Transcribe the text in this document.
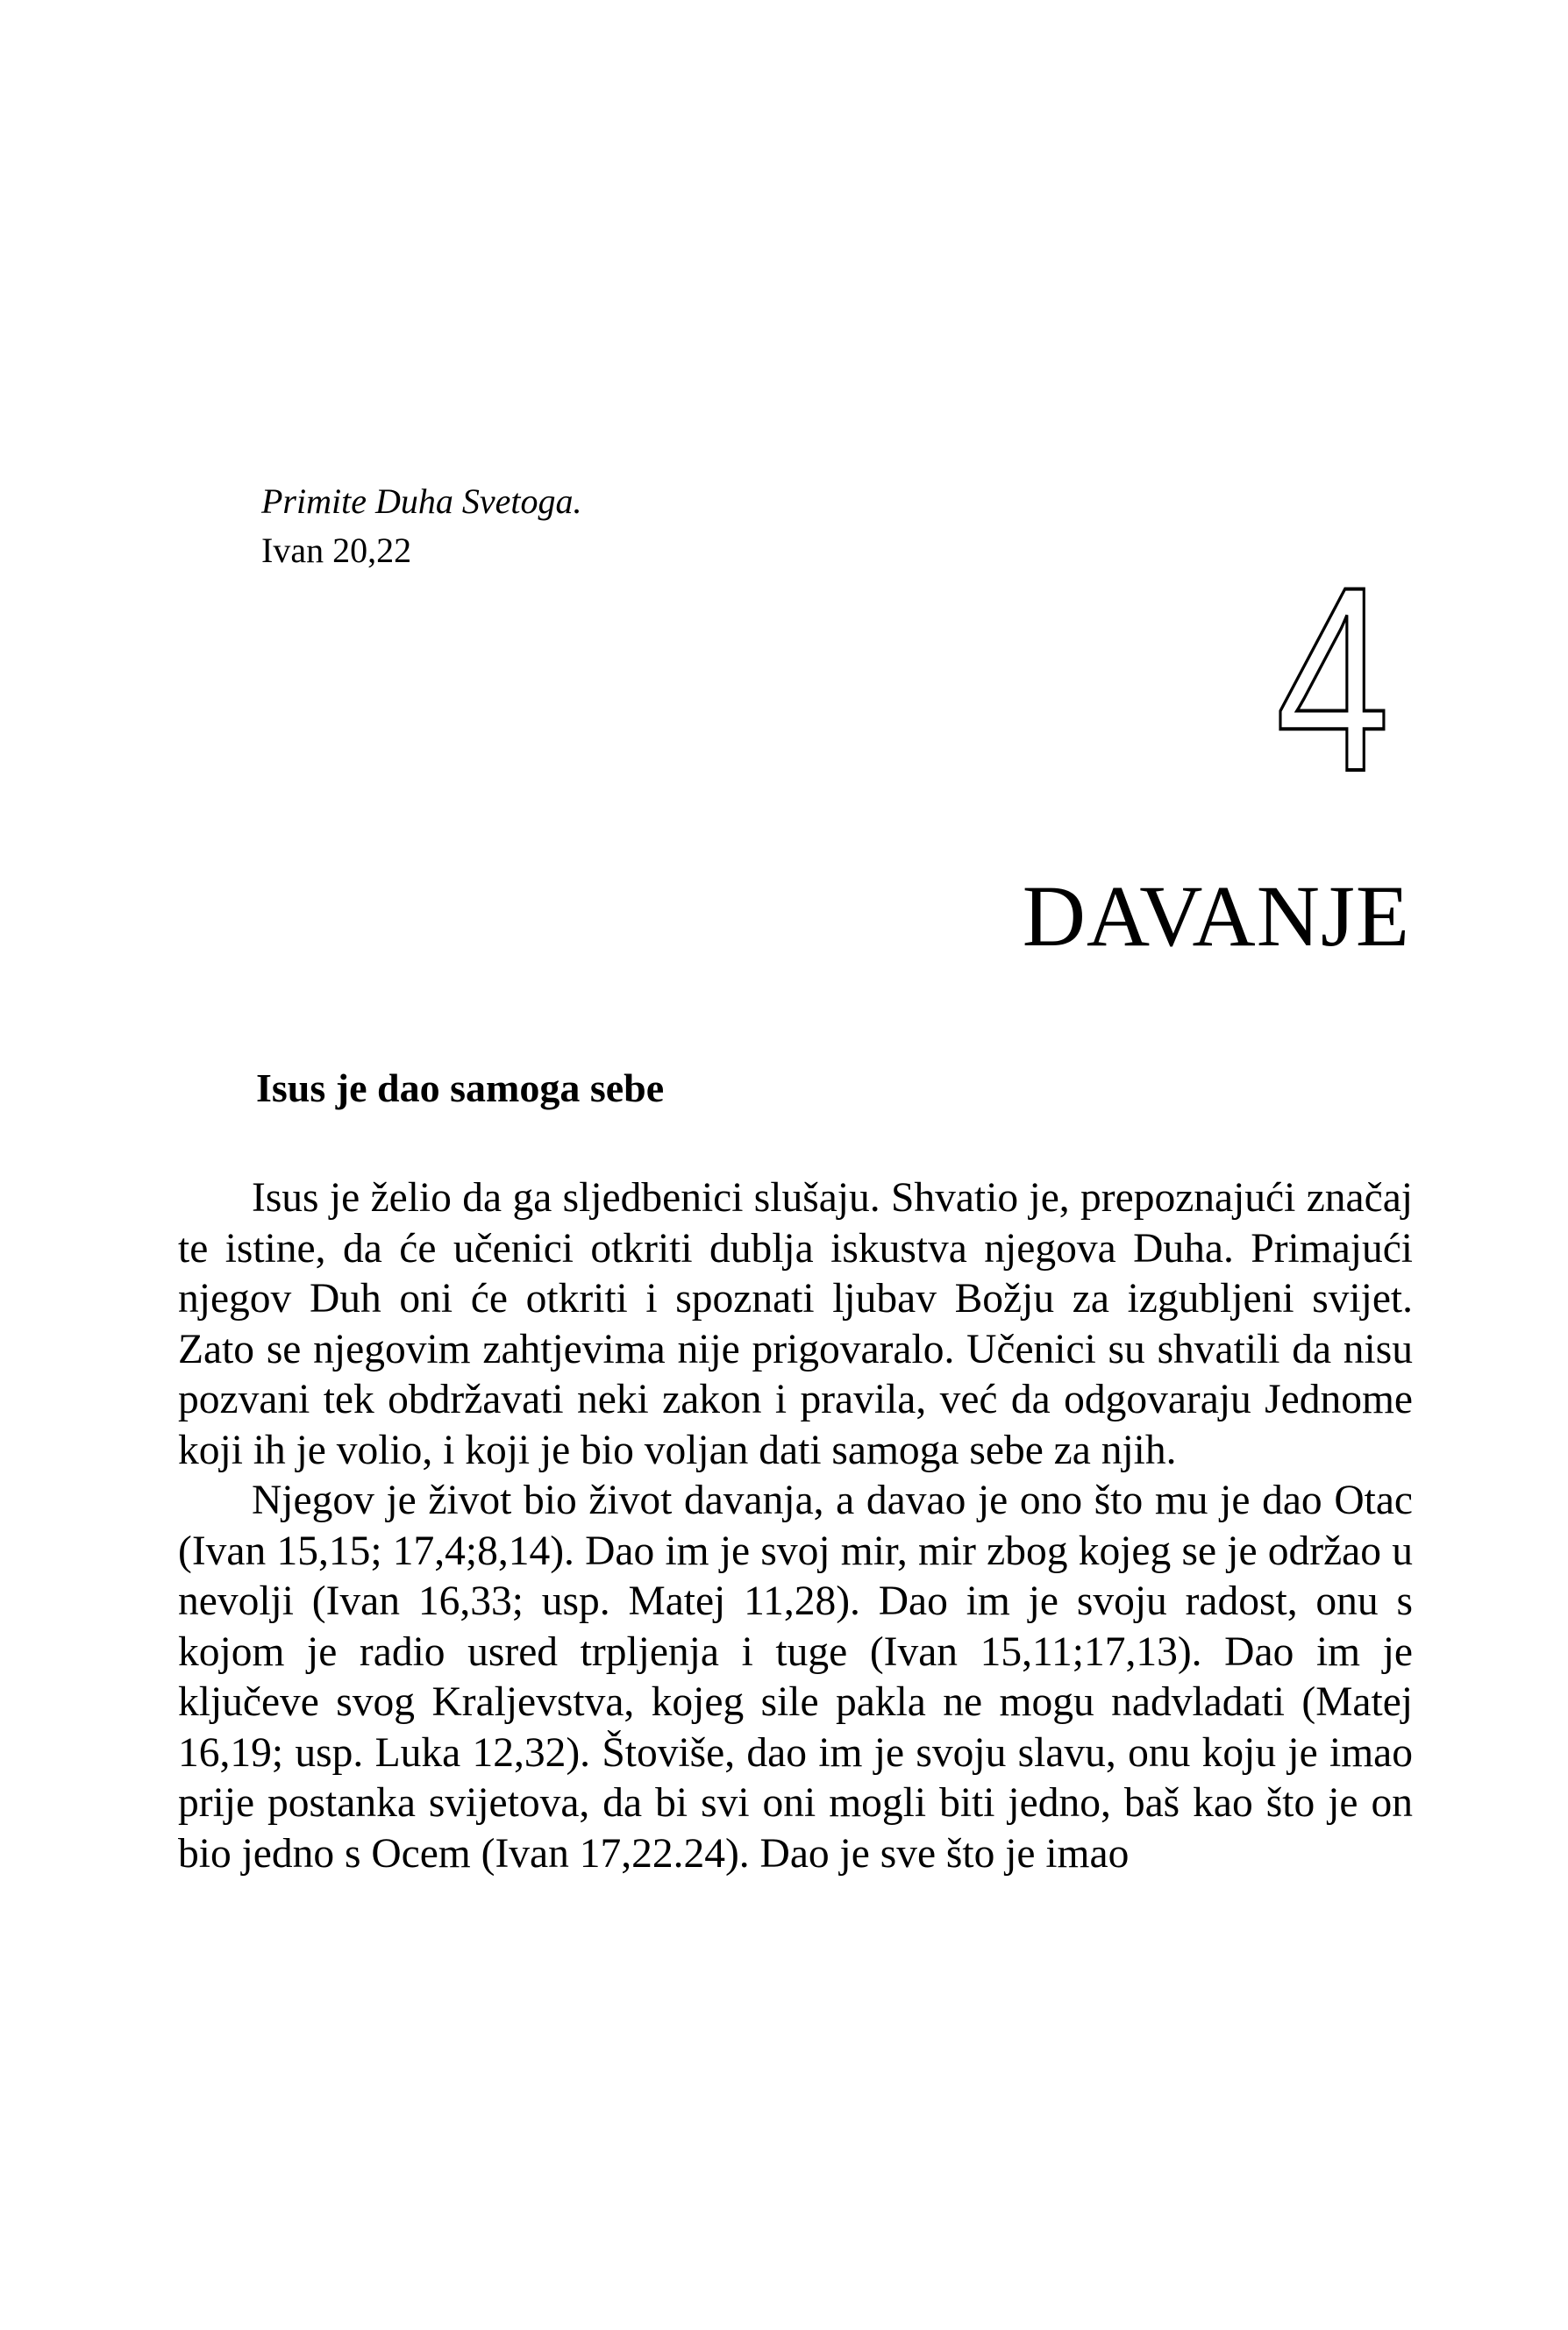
Primite Duha Svetoga.
Ivan 20,22	4
DAVANJE
Isus je dao samoga sebe

Isus je želio da ga sljedbenici slušaju. Shvatio je, prepoznajući značaj te istine, da će učenici otkriti dublja iskustva njegova Duha. Primajući njegov Duh oni će otkriti i spoznati ljubav Božju za izgubljeni svijet. Zato se njegovim zahtjevima nije prigovaralo. Učenici su shvatili da nisu pozvani tek obdržavati neki zakon i pravila, već da odgovaraju Jednome koji ih je volio, i koji je bio voljan dati samoga sebe za njih.

Njegov je život bio život davanja, a davao je ono što mu je dao Otac (Ivan 15,15; 17,4;8,14). Dao im je svoj mir, mir zbog kojeg se je održao u nevolji (Ivan 16,33; usp. Matej 11,28). Dao im je svoju radost, onu s kojom je radio usred trpljenja i tuge (Ivan 15,11;17,13). Dao im je ključeve svog Kraljevstva, kojeg sile pakla ne mogu nadvladati (Matej 16,19; usp. Luka 12,32). Štoviše, dao im je svoju slavu, onu koju je imao prije postanka svijetova, da bi svi oni mogli biti jedno, baš kao što je on bio jedno s Ocem (Ivan 17,22.24). Dao je sve što je imao
